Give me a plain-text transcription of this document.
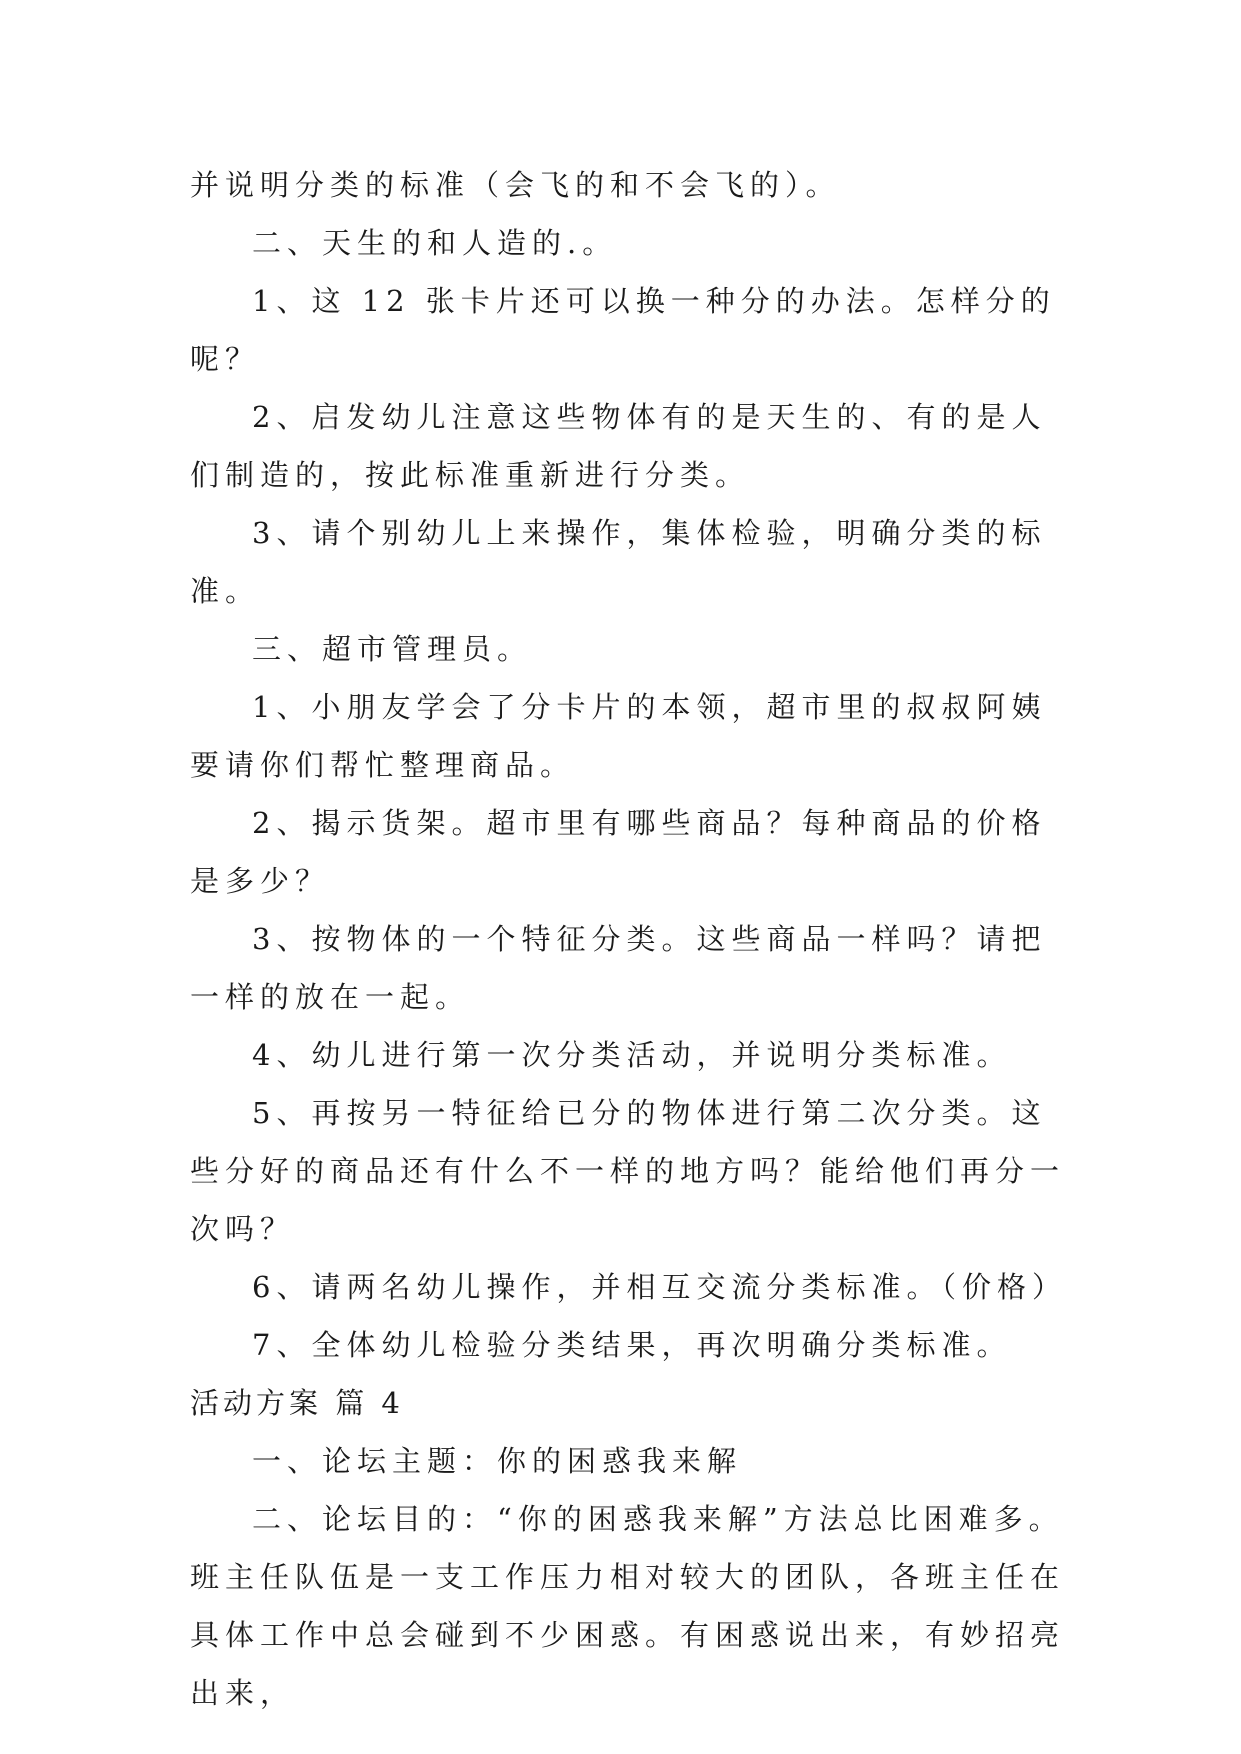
并说明分类的标准（会飞的和不会飞的）。

二、天生的和人造的.。

1、这 12 张卡片还可以换一种分的办法。怎样分的呢？

2、启发幼儿注意这些物体有的是天生的、有的是人们制造的，按此标准重新进行分类。

3、请个别幼儿上来操作，集体检验，明确分类的标准。

三、超市管理员。

1、小朋友学会了分卡片的本领，超市里的叔叔阿姨要请你们帮忙整理商品。

2、揭示货架。超市里有哪些商品？每种商品的价格是多少？

3、按物体的一个特征分类。这些商品一样吗？请把一样的放在一起。

4、幼儿进行第一次分类活动，并说明分类标准。

5、再按另一特征给已分的物体进行第二次分类。这些分好的商品还有什么不一样的地方吗？能给他们再分一次吗？

6、请两名幼儿操作，并相互交流分类标准。（价格）

7、全体幼儿检验分类结果，再次明确分类标准。

活动方案 篇 4

一、论坛主题：你的困惑我来解

二、论坛目的：“你的困惑我来解”方法总比困难多。班主任队伍是一支工作压力相对较大的团队，各班主任在具体工作中总会碰到不少困惑。有困惑说出来，有妙招亮出来，
